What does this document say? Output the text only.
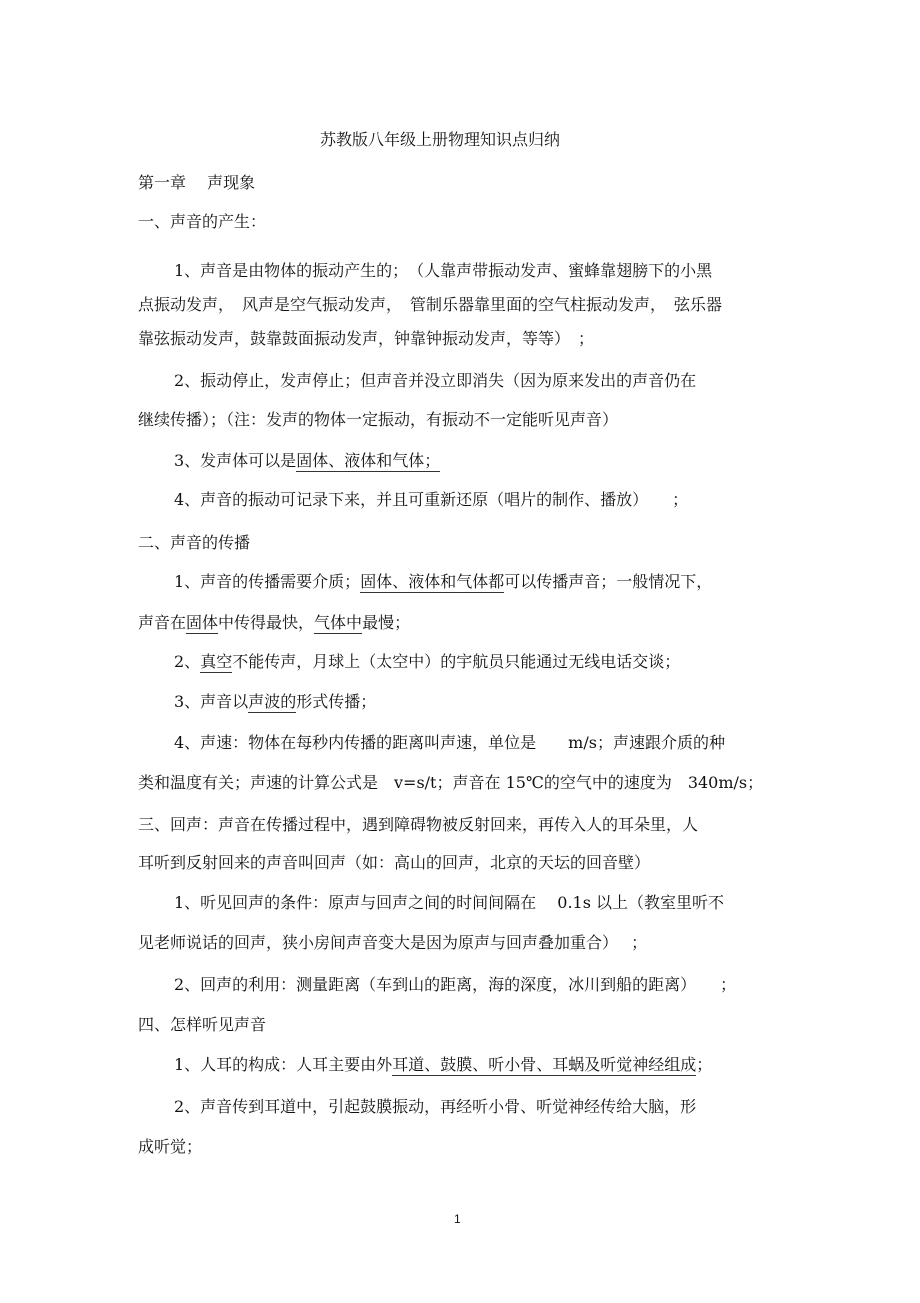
苏教版八年级上册物理知识点归纳
第一章　 声现象
一、声音的产生：
1、声音是由物体的振动产生的；　（人靠声带振动发声、蜜蜂靠翅膀下的小黑
点振动发声，　风声是空气振动发声，　管制乐器靠里面的空气柱振动发声，　弦乐器
靠弦振动发声，鼓靠鼓面振动发声，钟靠钟振动发声，等等）　；
2、振动停止，发声停止；但声音并没立即消失（因为原来发出的声音仍在
继续传播）；（注：发声的物体一定振动，有振动不一定能听见声音）
3、发声体可以是固体、液体和气体；
4、声音的振动可记录下来，并且可重新还原（唱片的制作、播放）　　；
二、声音的传播
1、声音的传播需要介质；固体、液体和气体都可以传播声音；一般情况下，
声音在固体中传得最快，气体中最慢；
2、真空不能传声，月球上（太空中）的宇航员只能通过无线电话交谈；
3、声音以声波的形式传播；
4、声速：物体在每秒内传播的距离叫声速，单位是　　m/s；声速跟介质的种
类和温度有关；声速的计算公式是　v=s/t；声音在 15℃的空气中的速度为　340m/s；
三、回声：声音在传播过程中，遇到障碍物被反射回来，再传入人的耳朵里，人
耳听到反射回来的声音叫回声（如：高山的回声，北京的天坛的回音壁）
1、听见回声的条件：原声与回声之间的时间间隔在　 0.1s 以上（教室里听不
见老师说话的回声，狭小房间声音变大是因为原声与回声叠加重合）　 ；
2、回声的利用：测量距离（车到山的距离，海的深度，冰川到船的距离）　　；
四、怎样听见声音
1、人耳的构成：人耳主要由外耳道、鼓膜、听小骨、耳蜗及听觉神经组成；
2、声音传到耳道中，引起鼓膜振动，再经听小骨、听觉神经传给大脑，形
成听觉；
1
